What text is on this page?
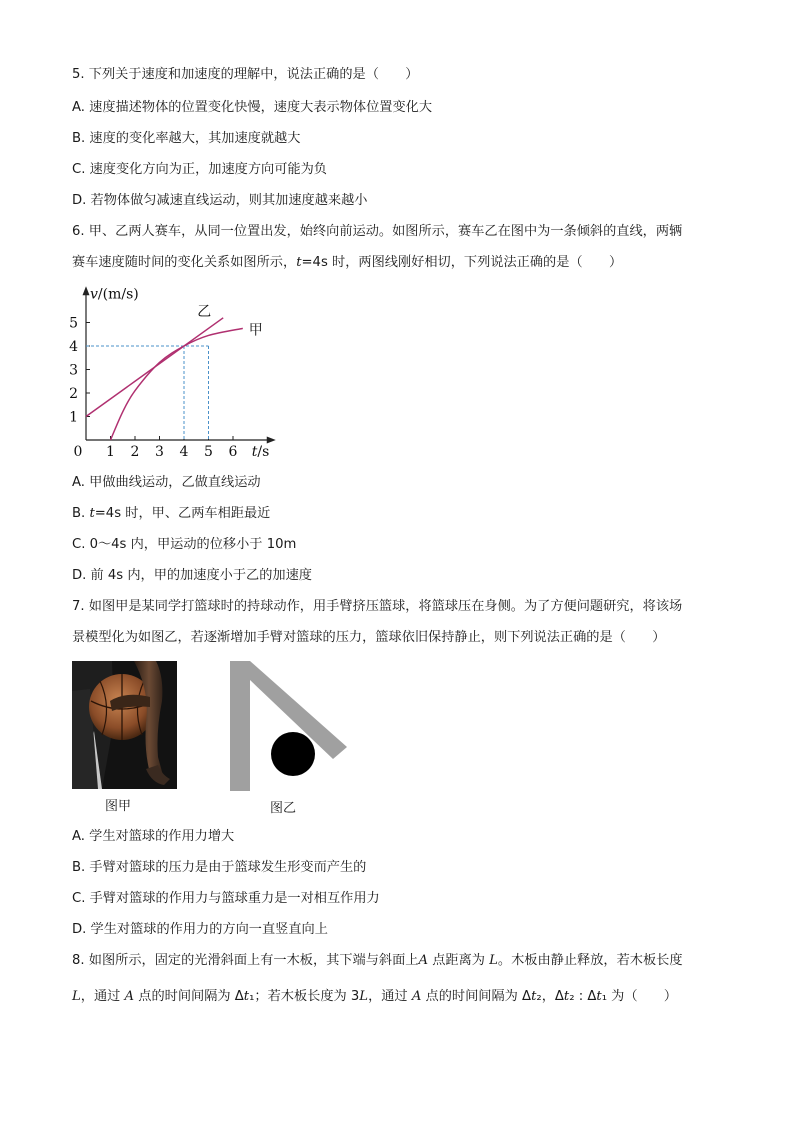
5. 下列关于速度和加速度的理解中，说法正确的是（　　）
A. 速度描述物体的位置变化快慢，速度大表示物体位置变化大
B. 速度的变化率越大，其加速度就越大
C. 速度变化方向为正，加速度方向可能为负
D. 若物体做匀减速直线运动，则其加速度越来越小
6. 甲、乙两人赛车，从同一位置出发，始终向前运动。如图所示，赛车乙在图中为一条倾斜的直线，两辆
赛车速度随时间的变化关系如图所示，t=4s 时，两图线刚好相切，下列说法正确的是（　　）
0 1 2 3 4 5 6
1
2
3
4
5
乙
甲
v/(m/s)
t/s
A. 甲做曲线运动，乙做直线运动
B. t=4s 时，甲、乙两车相距最近
C. 0～4s 内，甲运动的位移小于 10m
D. 前 4s 内，甲的加速度小于乙的加速度
7. 如图甲是某同学打篮球时的持球动作，用手臂挤压篮球，将篮球压在身侧。为了方便问题研究，将该场
景模型化为如图乙，若逐渐增加手臂对篮球的压力，篮球依旧保持静止，则下列说法正确的是（　　）
图甲	图乙
A. 学生对篮球的作用力增大
B. 手臂对篮球的压力是由于篮球发生形变而产生的
C. 手臂对篮球的作用力与篮球重力是一对相互作用力
D. 学生对篮球的作用力的方向一直竖直向上
8. 如图所示，固定的光滑斜面上有一木板，其下端与斜面上A 点距离为 L。木板由静止释放，若木板长度
L，通过 A 点的时间间隔为 Δt₁；若木板长度为 3L，通过 A 点的时间间隔为 Δt₂，Δt₂ : Δt₁ 为（　　）
